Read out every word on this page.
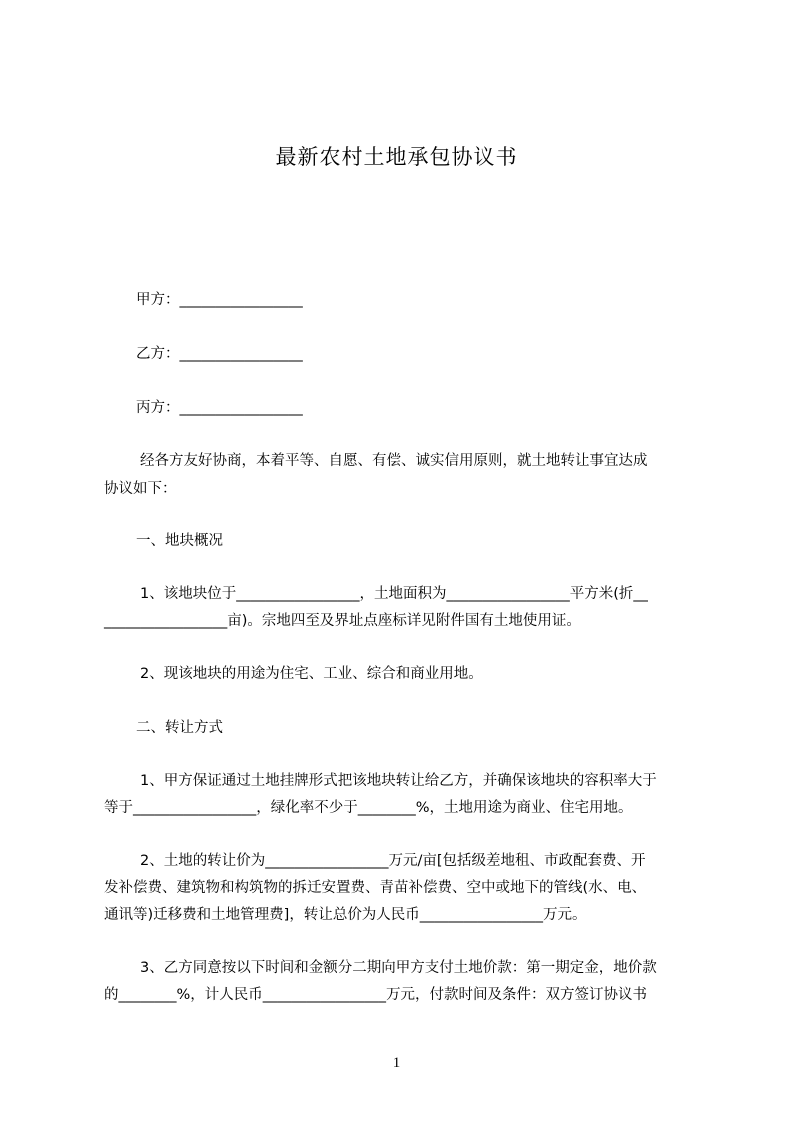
最新农村土地承包协议书
甲方：_________________
乙方：_________________
丙方：_________________
经各方友好协商，本着平等、自愿、有偿、诚实信用原则，就土地转让事宜达成
协议如下：
一、地块概况
1、该地块位于_________________，土地面积为_________________平方米(折__
_________________亩)。宗地四至及界址点座标详见附件国有土地使用证。
2、现该地块的用途为住宅、工业、综合和商业用地。
二、转让方式
1、甲方保证通过土地挂牌形式把该地块转让给乙方，并确保该地块的容积率大于
等于_________________，绿化率不少于________%，土地用途为商业、住宅用地。
2、土地的转让价为_________________万元/亩[包括级差地租、市政配套费、开
发补偿费、建筑物和构筑物的拆迁安置费、青苗补偿费、空中或地下的管线(水、电、
通讯等)迁移费和土地管理费]，转让总价为人民币_________________万元。
3、乙方同意按以下时间和金额分二期向甲方支付土地价款：第一期定金，地价款
的________%，计人民币_________________万元，付款时间及条件：双方签订协议书
1
